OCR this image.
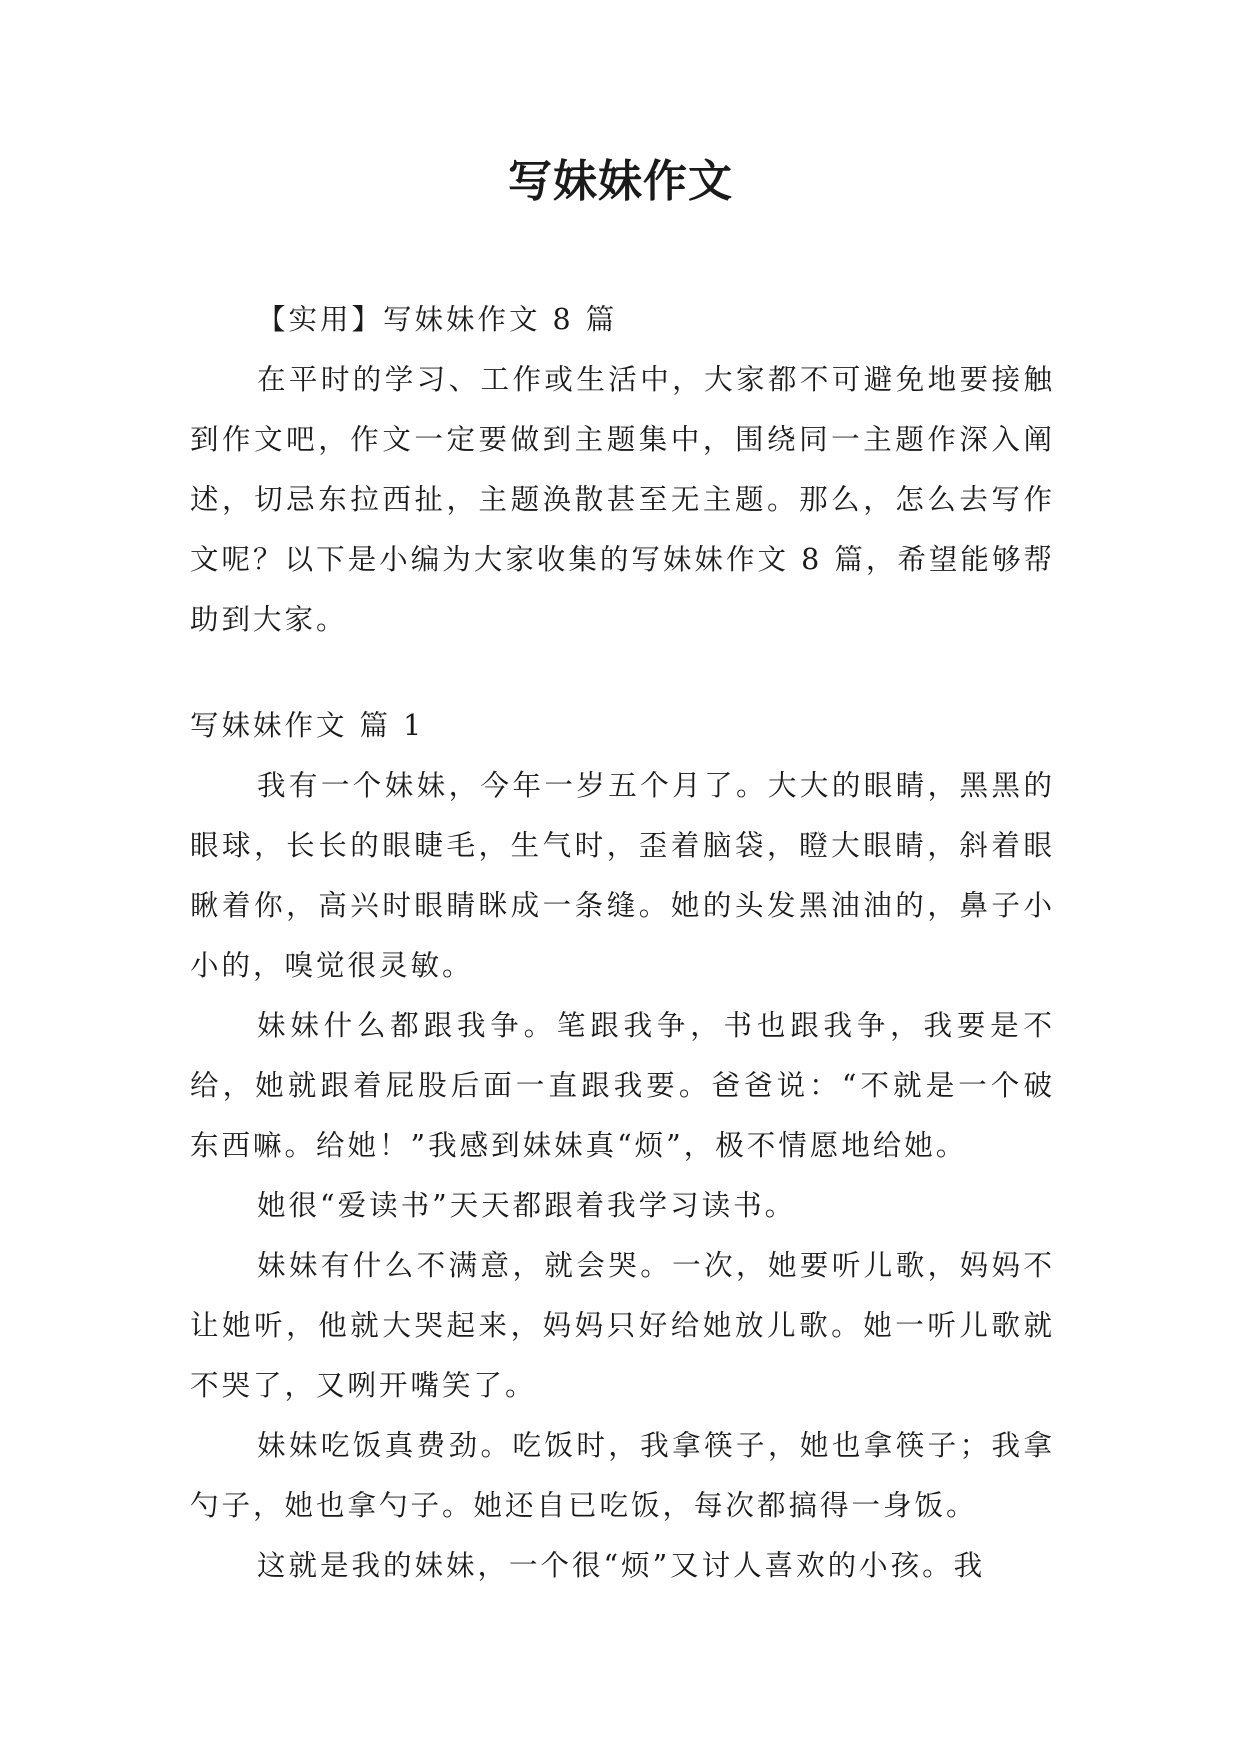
写妹妹作文

【实用】写妹妹作文 8 篇

在平时的学习、工作或生活中，大家都不可避免地要接触到作文吧，作文一定要做到主题集中，围绕同一主题作深入阐述，切忌东拉西扯，主题涣散甚至无主题。那么，怎么去写作文呢？以下是小编为大家收集的写妹妹作文 8 篇，希望能够帮助到大家。

写妹妹作文 篇 1

我有一个妹妹，今年一岁五个月了。大大的眼睛，黑黑的眼球，长长的眼睫毛，生气时，歪着脑袋，瞪大眼睛，斜着眼瞅着你，高兴时眼睛眯成一条缝。她的头发黑油油的，鼻子小小的，嗅觉很灵敏。

妹妹什么都跟我争。笔跟我争，书也跟我争，我要是不给，她就跟着屁股后面一直跟我要。爸爸说：“不就是一个破东西嘛。给她！”我感到妹妹真“烦”，极不情愿地给她。

她很“爱读书”天天都跟着我学习读书。

妹妹有什么不满意，就会哭。一次，她要听儿歌，妈妈不让她听，他就大哭起来，妈妈只好给她放儿歌。她一听儿歌就不哭了，又咧开嘴笑了。

妹妹吃饭真费劲。吃饭时，我拿筷子，她也拿筷子；我拿勺子，她也拿勺子。她还自已吃饭，每次都搞得一身饭。

这就是我的妹妹，一个很“烦”又讨人喜欢的小孩。我
